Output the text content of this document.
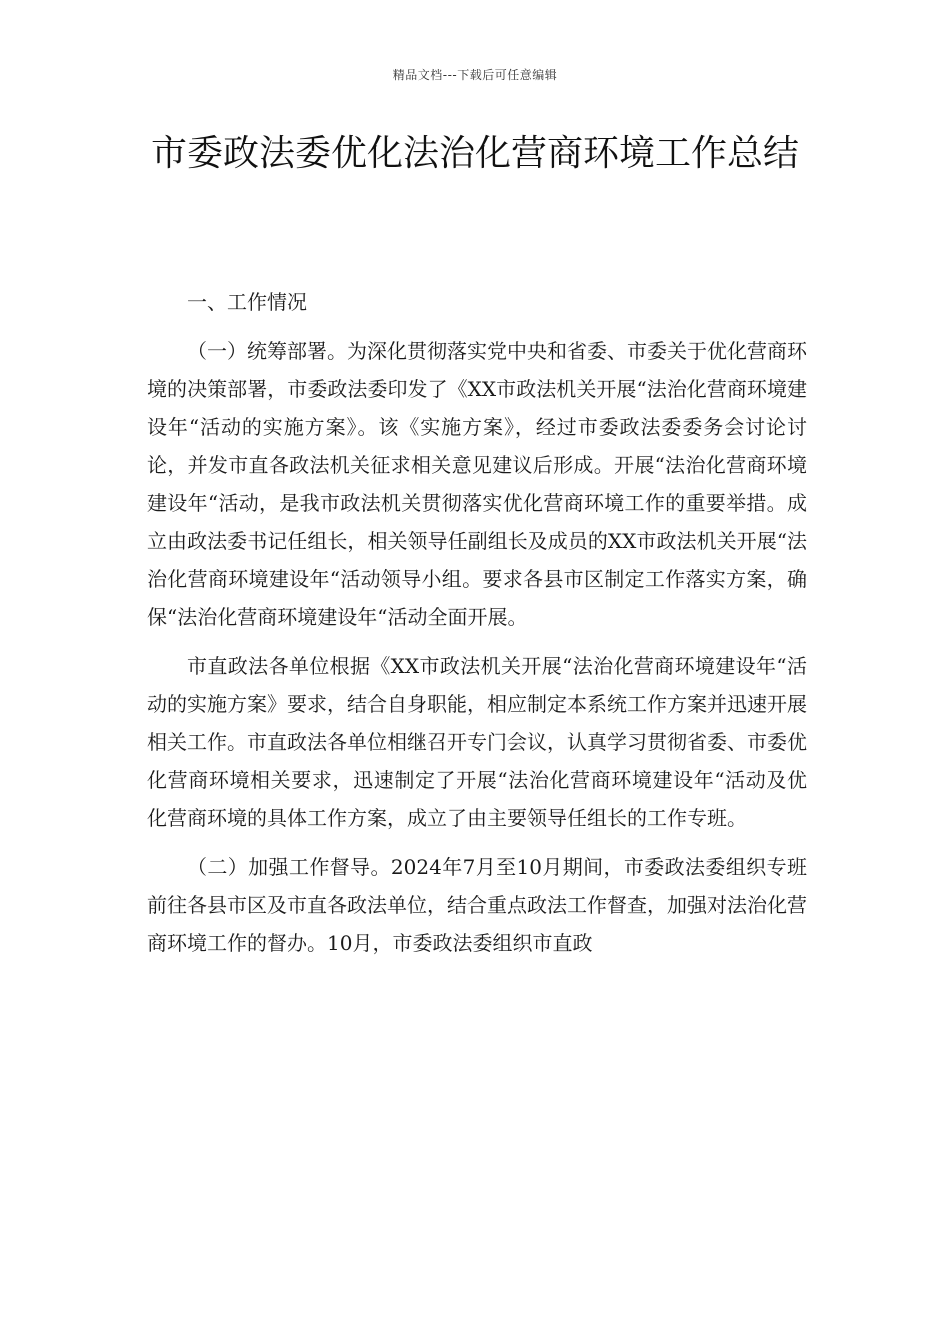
精品文档---下载后可任意编辑
市委政法委优化法治化营商环境工作总结

一、工作情况

（一）统筹部署。为深化贯彻落实党中央和省委、市委关于优化营商环境的决策部署，市委政法委印发了《XX市政法机关开展“法治化营商环境建设年“活动的实施方案》。该《实施方案》，经过市委政法委委务会讨论讨论，并发市直各政法机关征求相关意见建议后形成。开展“法治化营商环境建设年“活动，是我市政法机关贯彻落实优化营商环境工作的重要举措。成立由政法委书记任组长，相关领导任副组长及成员的XX市政法机关开展“法治化营商环境建设年“活动领导小组。要求各县市区制定工作落实方案，确保“法治化营商环境建设年“活动全面开展。

市直政法各单位根据《XX市政法机关开展“法治化营商环境建设年“活动的实施方案》要求，结合自身职能，相应制定本系统工作方案并迅速开展相关工作。市直政法各单位相继召开专门会议，认真学习贯彻省委、市委优化营商环境相关要求，迅速制定了开展“法治化营商环境建设年“活动及优化营商环境的具体工作方案，成立了由主要领导任组长的工作专班。

（二）加强工作督导。2024年7月至10月期间，市委政法委组织专班前往各县市区及市直各政法单位，结合重点政法工作督查，加强对法治化营商环境工作的督办。10月，市委政法委组织市直政
